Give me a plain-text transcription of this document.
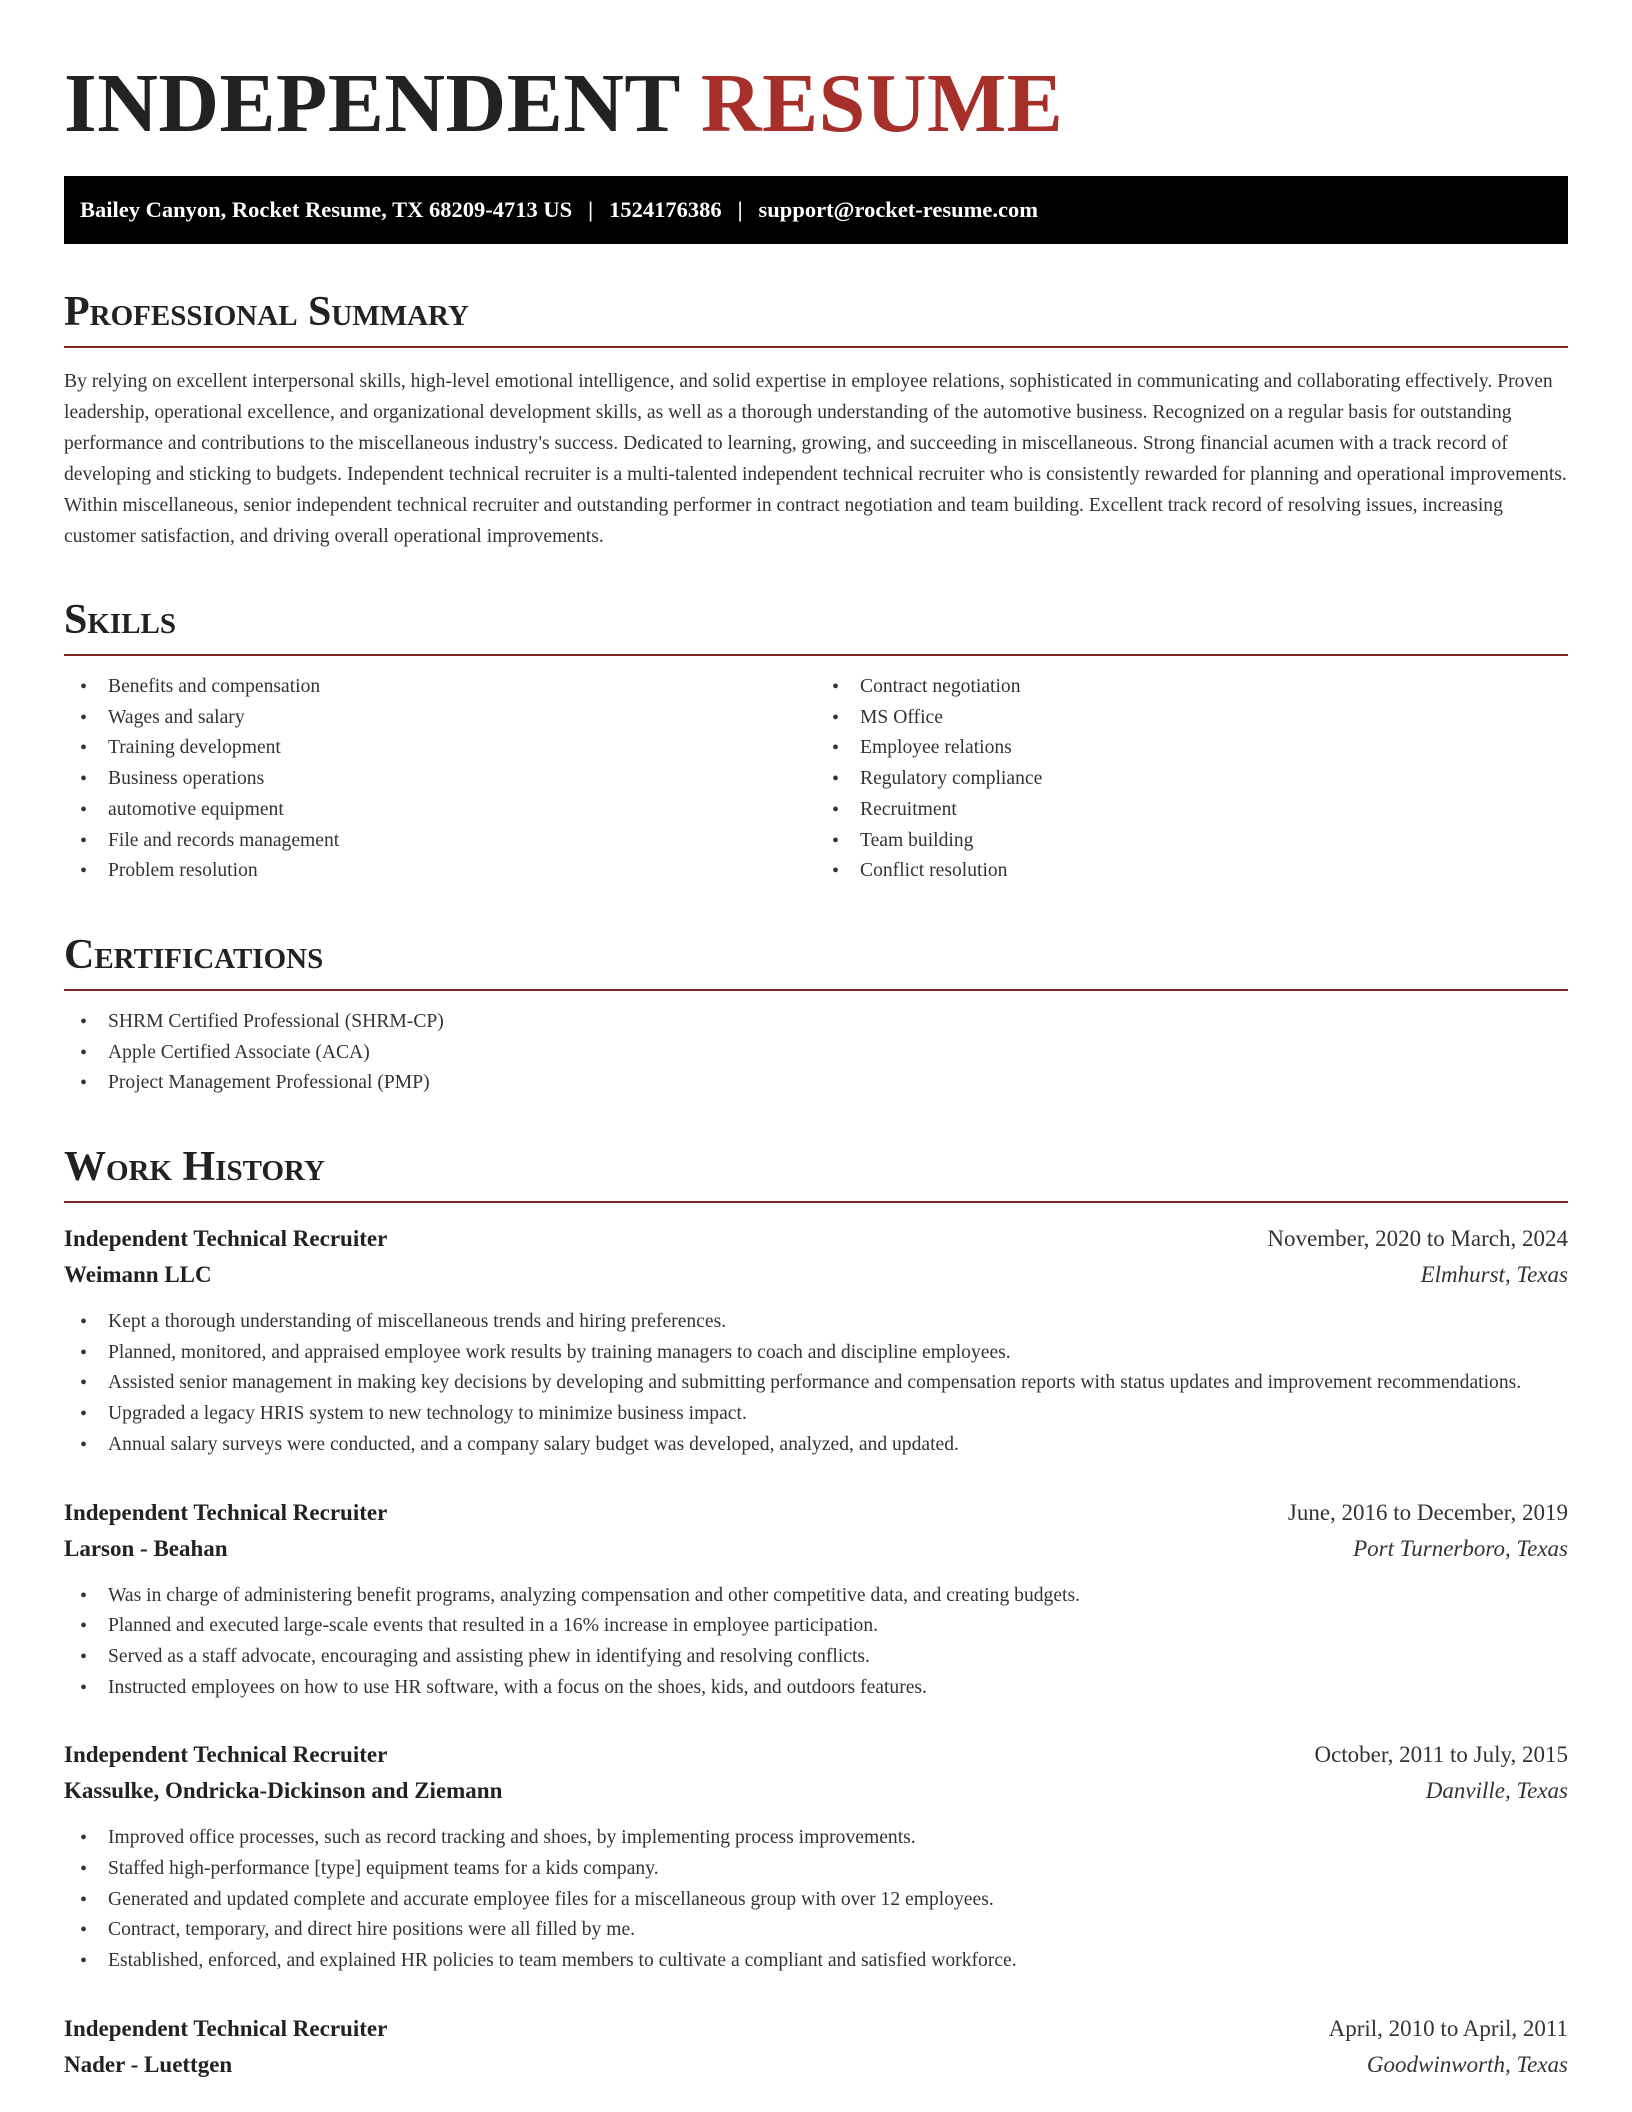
INDEPENDENT RESUME
Bailey Canyon, Rocket Resume, TX 68209-4713 US | 1524176386 | support@rocket-resume.com
Professional Summary

By relying on excellent interpersonal skills, high-level emotional intelligence, and solid expertise in employee relations, sophisticated in communicating and collaborating effectively. Proven leadership, operational excellence, and organizational development skills, as well as a thorough understanding of the automotive business. Recognized on a regular basis for outstanding performance and contributions to the miscellaneous industry's success. Dedicated to learning, growing, and succeeding in miscellaneous. Strong financial acumen with a track record of developing and sticking to budgets. Independent technical recruiter is a multi-talented independent technical recruiter who is consistently rewarded for planning and operational improvements. Within miscellaneous, senior independent technical recruiter and outstanding performer in contract negotiation and team building. Excellent track record of resolving issues, increasing customer satisfaction, and driving overall operational improvements.

Skills
• Benefits and compensation
• Wages and salary
• Training development
• Business operations
• automotive equipment
• File and records management
• Problem resolution
• Contract negotiation
• MS Office
• Employee relations
• Regulatory compliance
• Recruitment
• Team building
• Conflict resolution
Certifications
• SHRM Certified Professional (SHRM-CP)
• Apple Certified Associate (ACA)
• Project Management Professional (PMP)
Work History
Independent Technical Recruiter	November, 2020 to March, 2024
Weimann LLC	Elmhurst, Texas
• Kept a thorough understanding of miscellaneous trends and hiring preferences.
• Planned, monitored, and appraised employee work results by training managers to coach and discipline employees.
• Assisted senior management in making key decisions by developing and submitting performance and compensation reports with status updates and improvement recommendations.
• Upgraded a legacy HRIS system to new technology to minimize business impact.
• Annual salary surveys were conducted, and a company salary budget was developed, analyzed, and updated.
Independent Technical Recruiter	June, 2016 to December, 2019
Larson - Beahan	Port Turnerboro, Texas
• Was in charge of administering benefit programs, analyzing compensation and other competitive data, and creating budgets.
• Planned and executed large-scale events that resulted in a 16% increase in employee participation.
• Served as a staff advocate, encouraging and assisting phew in identifying and resolving conflicts.
• Instructed employees on how to use HR software, with a focus on the shoes, kids, and outdoors features.
Independent Technical Recruiter	October, 2011 to July, 2015
Kassulke, Ondricka-Dickinson and Ziemann	Danville, Texas
• Improved office processes, such as record tracking and shoes, by implementing process improvements.
• Staffed high-performance [type] equipment teams for a kids company.
• Generated and updated complete and accurate employee files for a miscellaneous group with over 12 employees.
• Contract, temporary, and direct hire positions were all filled by me.
• Established, enforced, and explained HR policies to team members to cultivate a compliant and satisfied workforce.
Independent Technical Recruiter	April, 2010 to April, 2011
Nader - Luettgen	Goodwinworth, Texas
